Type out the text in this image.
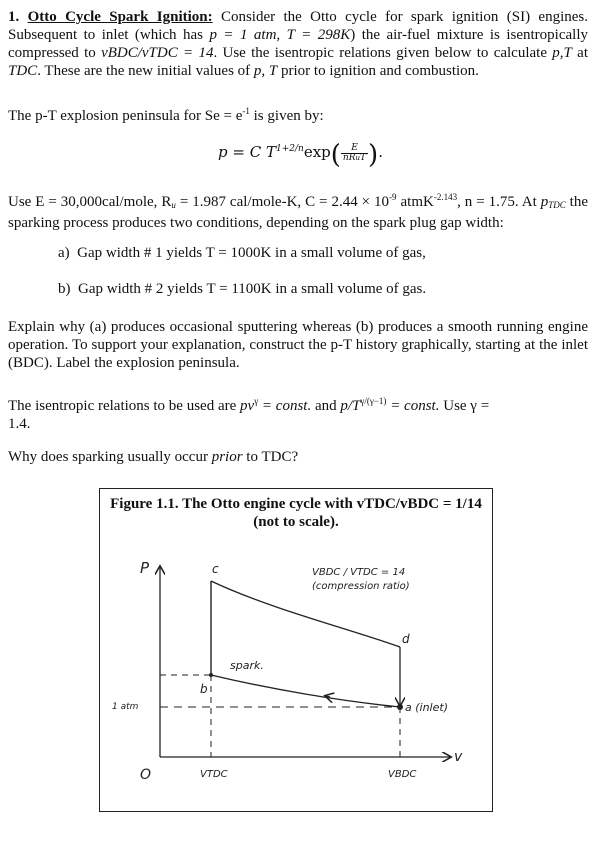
1. Otto Cycle Spark Ignition: Consider the Otto cycle for spark ignition (SI) engines. Subsequent to inlet (which has p = 1 atm, T = 298K) the air-fuel mixture is isentropically compressed to vBDC/vTDC = 14. Use the isentropic relations given below to calculate p,T at TDC. These are the new initial values of p, T prior to ignition and combustion.
The p-T explosion peninsula for $Se = e^{-1}$ is given by:
p = C $T^{1+2/n}\exp( \frac{E}{\text{nRuT}}$ ).
Use E = 30,000cal/mole, $R_u = 1.987$ cal/mole-K, $C = 2.44 \times 10^{-9}$ atmK$^{-2.143}$, n = 1.75. At $p_{TDC}$ the sparking process produces two conditions, depending on the spark plug gap width:
a) Gap width # 1 yields T = 1000K in a small volume of gas,
b) Gap width # 2 yields T = 1100K in a small volume of gas.
Explain why (a) produces occasional sputtering whereas (b) produces a smooth running engine operation. To support your explanation, construct the p-T history graphically, starting at the inlet (BDC). Label the explosion peninsula.
The isentropic relations to be used are $pv^\gamma$ = const. and $p/T^{\gamma/(\gamma-1)}$ = const. Use γ =
1.4.
Why does sparking usually occur prior to TDC?
Figure 1.1. The Otto engine cycle with vTDC/vBDC = 1/14
(not to scale).
P
v
O
c
b
d
a (inlet)
1 atm
VTDC	VBDC
spark.
VBDC / VTDC = 14
(compression ratio)
